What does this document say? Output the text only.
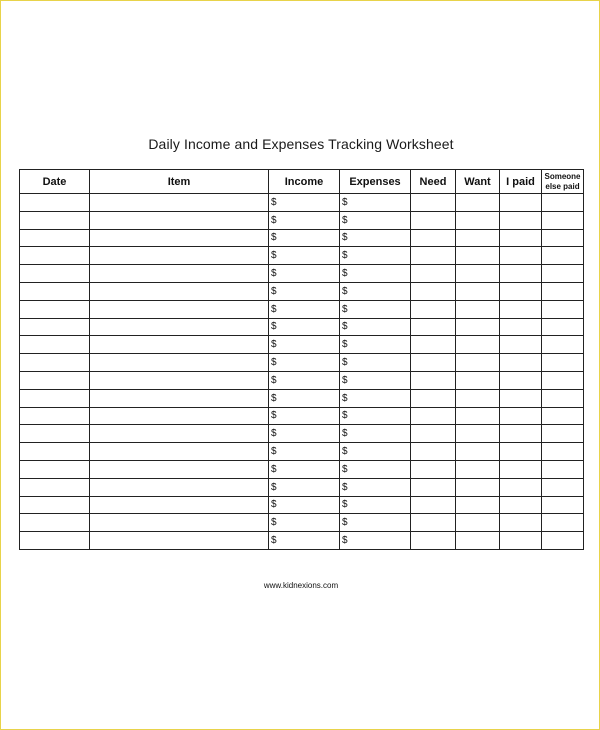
Daily Income and Expenses Tracking Worksheet
Date	Item	Income	Expenses	Need	Want	I paid	Someone else paid
		$	$				
		$	$				
		$	$				
		$	$				
		$	$				
		$	$				
		$	$				
		$	$				
		$	$				
		$	$				
		$	$				
		$	$				
		$	$				
		$	$				
		$	$				
		$	$				
		$	$				
		$	$				
		$	$				
		$	$				
www.kidnexions.com
